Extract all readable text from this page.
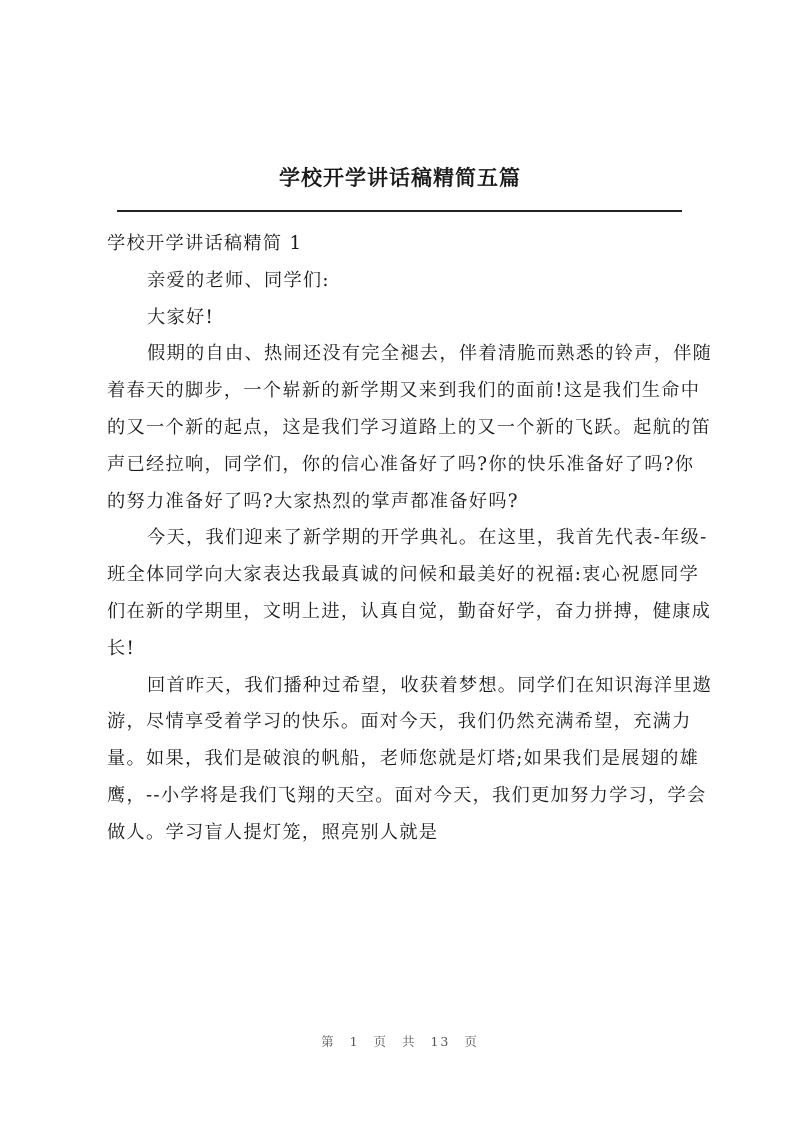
学校开学讲话稿精简五篇

学校开学讲话稿精简 1

亲爱的老师、同学们:

大家好!

假期的自由、热闹还没有完全褪去，伴着清脆而熟悉的铃声，伴随着春天的脚步，一个崭新的新学期又来到我们的面前!这是我们生命中的又一个新的起点，这是我们学习道路上的又一个新的飞跃。起航的笛声已经拉响，同学们，你的信心准备好了吗?你的快乐准备好了吗?你的努力准备好了吗?大家热烈的掌声都准备好吗?

今天，我们迎来了新学期的开学典礼。在这里，我首先代表-年级-班全体同学向大家表达我最真诚的问候和最美好的祝福:衷心祝愿同学们在新的学期里，文明上进，认真自觉，勤奋好学，奋力拼搏，健康成长!

回首昨天，我们播种过希望，收获着梦想。同学们在知识海洋里遨游，尽情享受着学习的快乐。面对今天，我们仍然充满希望，充满力量。如果，我们是破浪的帆船，老师您就是灯塔;如果我们是展翅的雄鹰，--小学将是我们飞翔的天空。面对今天，我们更加努力学习，学会做人。学习盲人提灯笼，照亮别人就是

第 1 页 共 13 页
